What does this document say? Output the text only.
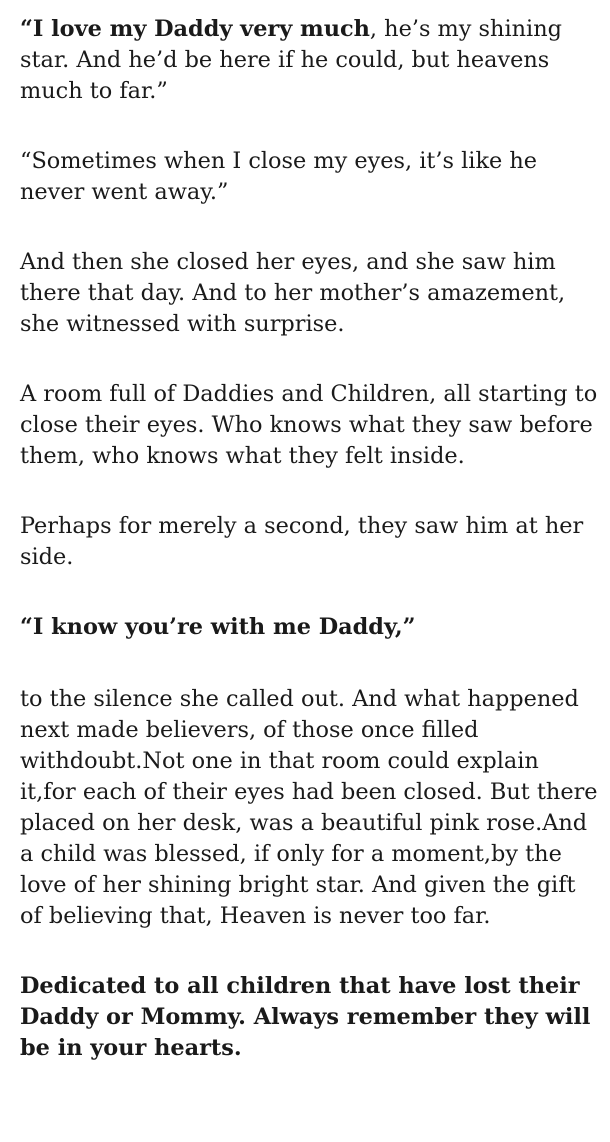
“I love my Daddy very much, he’s my shining star. And he’d be here if he could, but heavens much to far.”

“Sometimes when I close my eyes, it’s like he never went away.”

And then she closed her eyes, and she saw him there that day. And to her mother’s amazement, she witnessed with surprise.

A room full of Daddies and Children, all starting to close their eyes. Who knows what they saw before them, who knows what they felt inside.

Perhaps for merely a second, they saw him at her side.

“I know you’re with me Daddy,”

to the silence she called out. And what happened next made believers, of those once filled withdoubt.Not one in that room could explain it,for each of their eyes had been closed. But there placed on her desk, was a beautiful pink rose.And a child was blessed, if only for a moment,by the love of her shining bright star. And given the gift of believing that, Heaven is never too far.

Dedicated to all children that have lost their Daddy or Mommy. Always remember they will be in your hearts.
